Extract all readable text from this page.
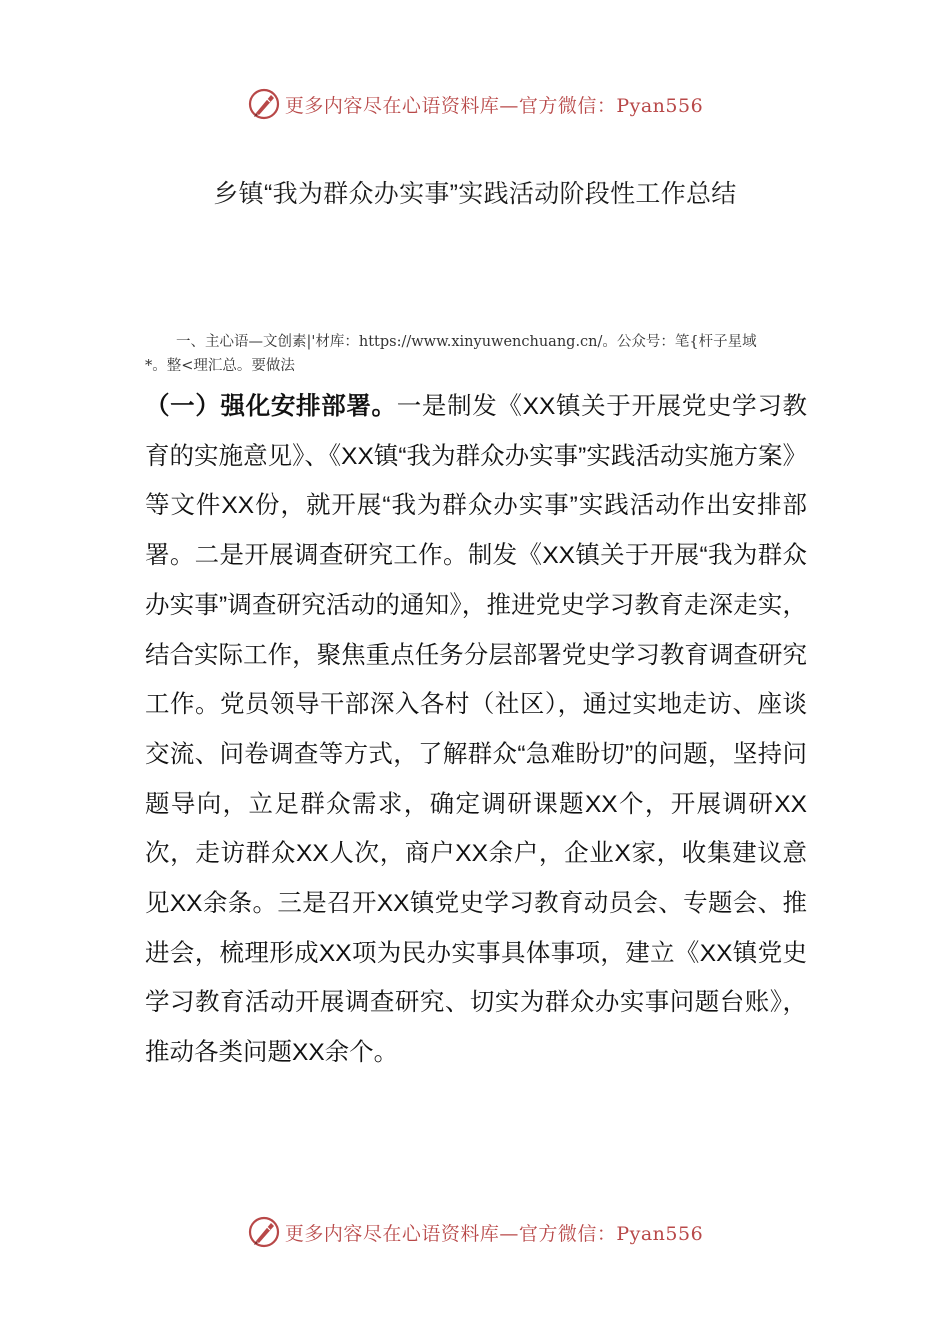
更多内容尽在心语资料库—官方微信：Pyan556
乡镇“我为群众办实事”实践活动阶段性工作总结
一、主心语—文创素|'材库：https://www.xinyuwenchuang.cn/。公众号：笔{杆子星域
*。整<理汇总。要做法
（一）强化安排部署。一是制发《XX镇关于开展党史学习教育的实施意见》、《XX镇“我为群众办实事”实践活动实施方案》等文件XX份，就开展“我为群众办实事”实践活动作出安排部署。二是开展调查研究工作。制发《XX镇关于开展“我为群众办实事”调查研究活动的通知》，推进党史学习教育走深走实，结合实际工作，聚焦重点任务分层部署党史学习教育调查研究工作。党员领导干部深入各村（社区），通过实地走访、座谈交流、问卷调查等方式，了解群众“急难盼切”的问题，坚持问题导向，立足群众需求，确定调研课题XX个，开展调研XX次，走访群众XX人次，商户XX余户，企业X家，收集建议意见XX余条。三是召开XX镇党史学习教育动员会、专题会、推进会，梳理形成XX项为民办实事具体事项，建立《XX镇党史学习教育活动开展调查研究、切实为群众办实事问题台账》，推动各类问题XX余个。
更多内容尽在心语资料库—官方微信：Pyan556
